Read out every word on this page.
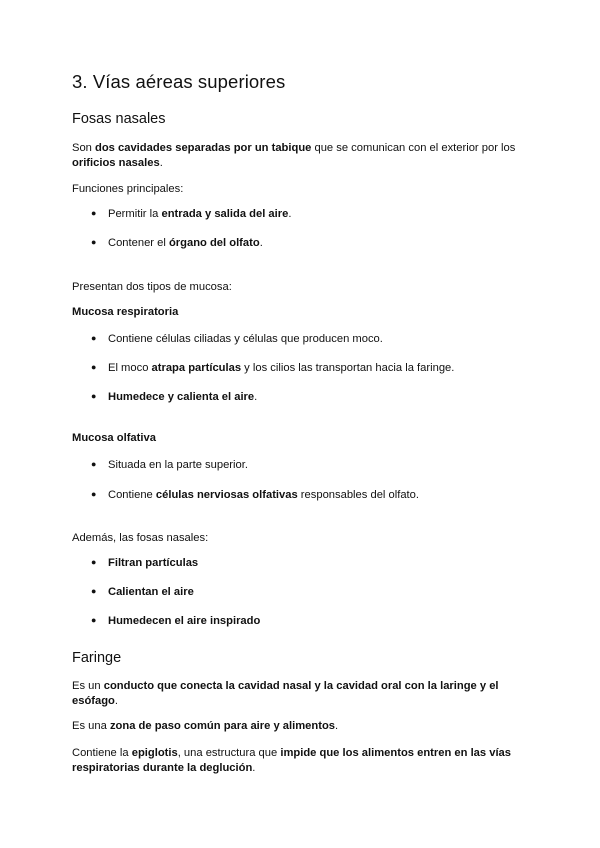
3. Vías aéreas superiores
Fosas nasales
Son dos cavidades separadas por un tabique que se comunican con el exterior por los
orificios nasales.
Funciones principales:
● Permitir la entrada y salida del aire.
● Contener el órgano del olfato.
Presentan dos tipos de mucosa:
Mucosa respiratoria
● Contiene células ciliadas y células que producen moco.
● El moco atrapa partículas y los cilios las transportan hacia la faringe.
● Humedece y calienta el aire.
Mucosa olfativa
● Situada en la parte superior.
● Contiene células nerviosas olfativas responsables del olfato.
Además, las fosas nasales:
● Filtran partículas
● Calientan el aire
● Humedecen el aire inspirado
Faringe
Es un conducto que conecta la cavidad nasal y la cavidad oral con la laringe y el
esófago.
Es una zona de paso común para aire y alimentos.
Contiene la epiglotis, una estructura que impide que los alimentos entren en las vías
respiratorias durante la deglución.
